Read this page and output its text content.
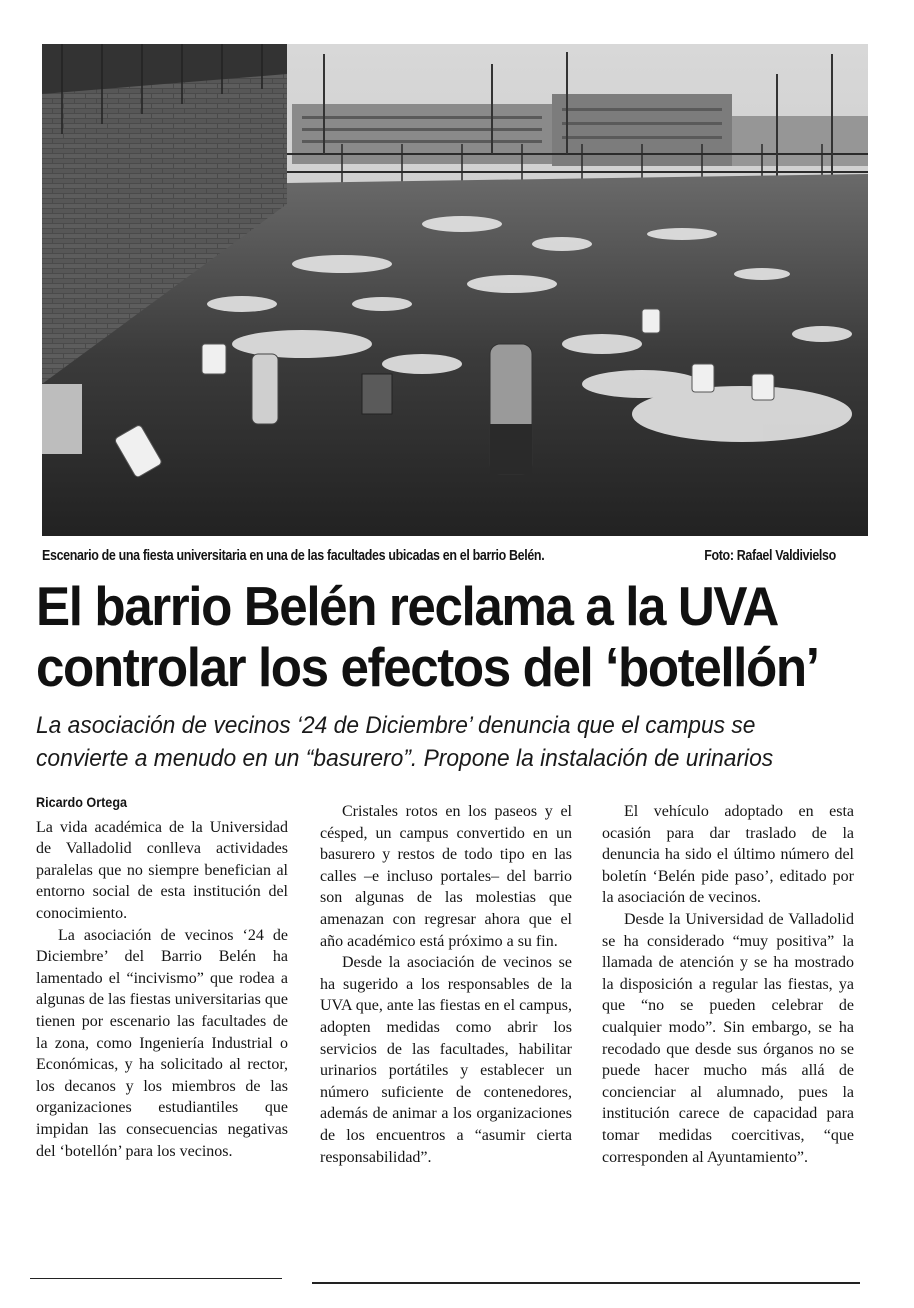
Escenario de una fiesta universitaria en una de las facultades ubicadas en el barrio Belén.	Foto: Rafael Valdivielso
El barrio Belén reclama a la UVA
controlar los efectos del ‘botellón’
La asociación de vecinos ‘24 de Diciembre’ denuncia que el campus se
convierte a menudo en un “basurero”. Propone la instalación de urinarios
Ricardo Ortega

La vida académica de la Universidad de Valladolid conlleva actividades paralelas que no siempre benefician al entorno social de esta institución del conocimiento.

La asociación de vecinos ‘24 de Diciembre’ del Barrio Belén ha lamentado el “incivismo” que rodea a algunas de las fiestas universitarias que tienen por escenario las facultades de la zona, como Ingeniería Industrial o Económicas, y ha solicitado al rector, los decanos y los miembros de las organizaciones estudiantiles que impidan las consecuencias negativas del ‘botellón’ para los vecinos.

Cristales rotos en los paseos y el césped, un campus convertido en un basurero y restos de todo tipo en las calles –e incluso portales– del barrio son algunas de las molestias que amenazan con regresar ahora que el año académico está próximo a su fin.

Desde la asociación de vecinos se ha sugerido a los responsables de la UVA que, ante las fiestas en el campus, adopten medidas como abrir los servicios de las facultades, habilitar urinarios portátiles y establecer un número suficiente de contenedores, además de animar a los organizaciones de los encuentros a “asumir cierta responsabilidad”.

El vehículo adoptado en esta ocasión para dar traslado de la denuncia ha sido el último número del boletín ‘Belén pide paso’, editado por la asociación de vecinos.

Desde la Universidad de Valladolid se ha considerado “muy positiva” la llamada de atención y se ha mostrado la disposición a regular las fiestas, ya que “no se pueden celebrar de cualquier modo”. Sin embargo, se ha recodado que desde sus órganos no se puede hacer mucho más allá de concienciar al alumnado, pues la institución carece de capacidad para tomar medidas coercitivas, “que corresponden al Ayuntamiento”.
